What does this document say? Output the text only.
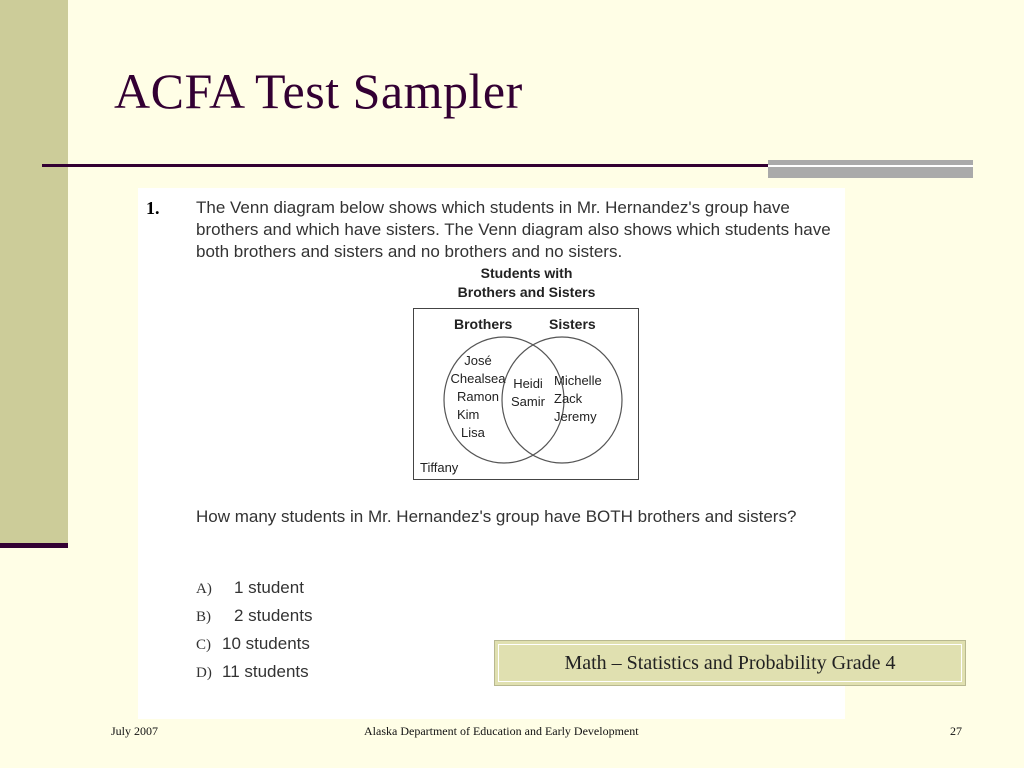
ACFA Test Sampler
1. The Venn diagram below shows which students in Mr. Hernandez's group have brothers and which have sisters. The Venn diagram also shows which students have both brothers and sisters and no brothers and no sisters.
Students with
Brothers and Sisters
Brothers	Sisters
José
Chealsea
Ramon
Kim
Lisa
Heidi
Samir
Michelle
Zack
Jeremy
Tiffany
How many students in Mr. Hernandez's group have BOTH brothers and sisters?
A)	1 student
B)	2 students
C) 10 students
D) 11 students	Math – Statistics and Probability Grade 4
July 2007	Alaska Department of Education and Early Development	27
